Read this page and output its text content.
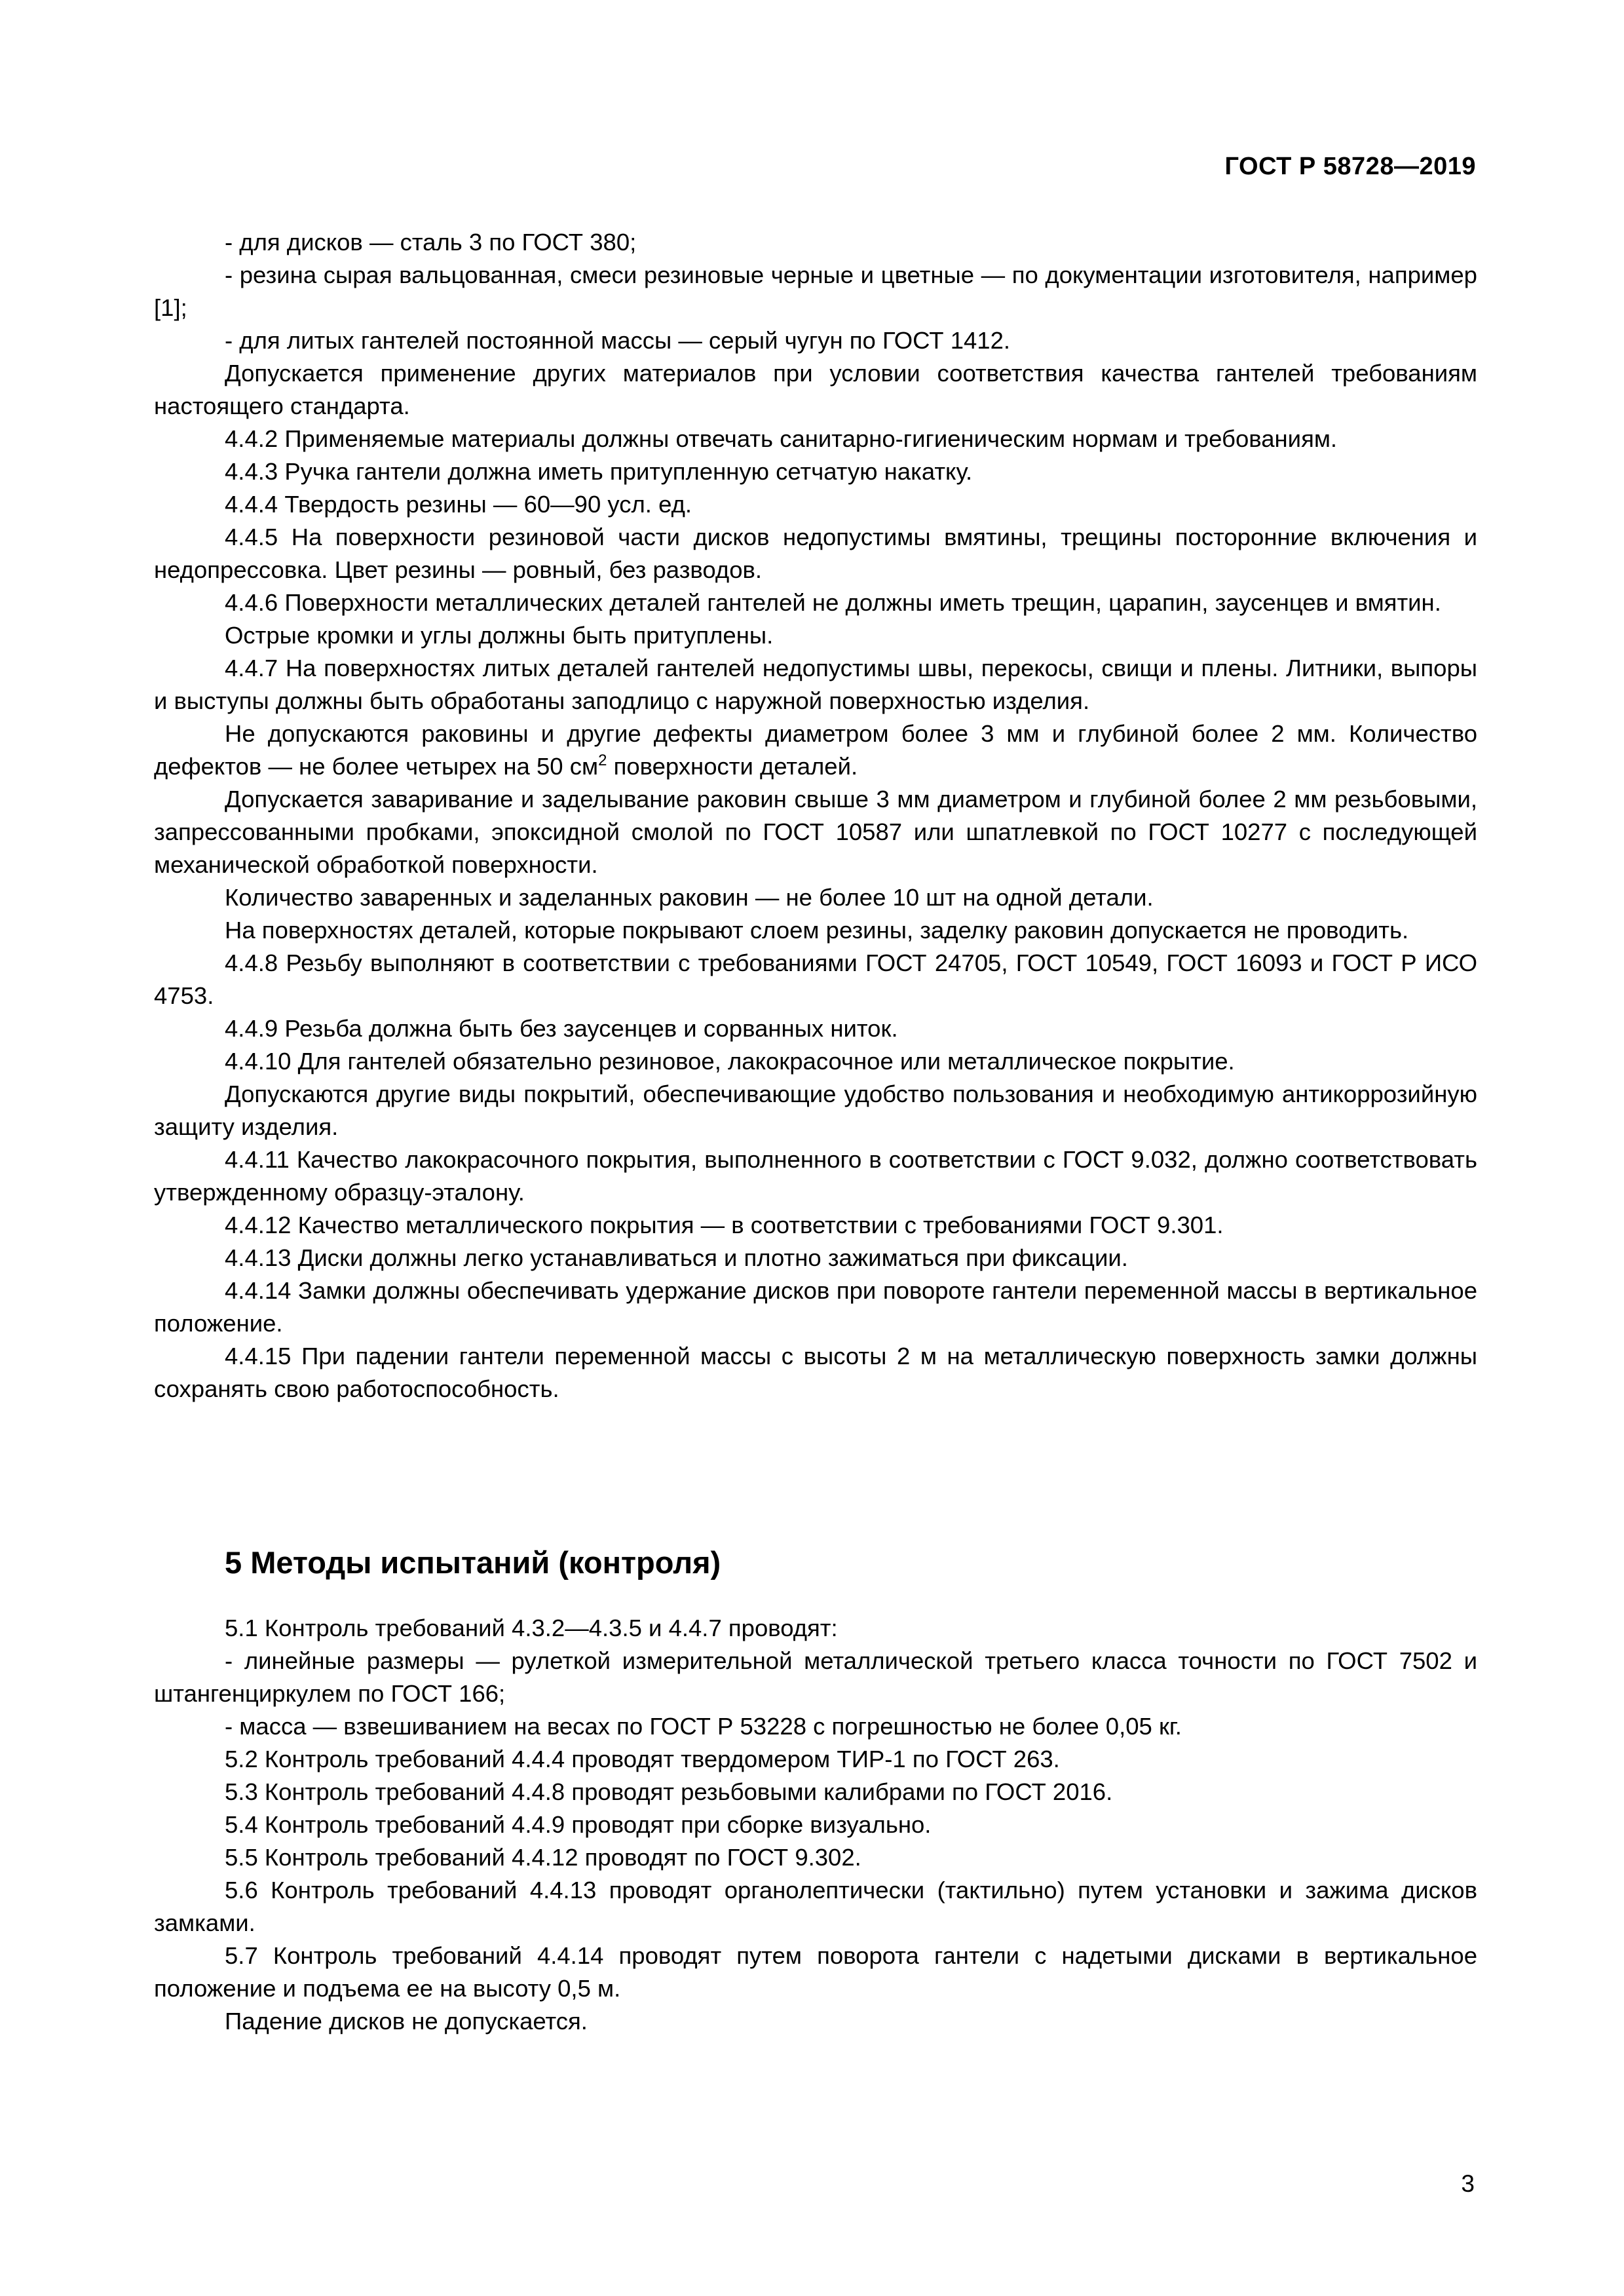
ГОСТ Р 58728—2019

- для дисков — сталь 3 по ГОСТ 380;

- резина сырая вальцованная, смеси резиновые черные и цветные — по документации изготовителя, например [1];

- для литых гантелей постоянной массы — серый чугун по ГОСТ 1412.

Допускается применение других материалов при условии соответствия качества гантелей требованиям настоящего стандарта.

4.4.2 Применяемые материалы должны отвечать санитарно-гигиеническим нормам и требованиям.

4.4.3 Ручка гантели должна иметь притупленную сетчатую накатку.

4.4.4 Твердость резины — 60—90 усл. ед.

4.4.5 На поверхности резиновой части дисков недопустимы вмятины, трещины посторонние включения и недопрессовка. Цвет резины — ровный, без разводов.

4.4.6 Поверхности металлических деталей гантелей не должны иметь трещин, царапин, заусенцев и вмятин.

Острые кромки и углы должны быть притуплены.

4.4.7 На поверхностях литых деталей гантелей недопустимы швы, перекосы, свищи и плены. Литники, выпоры и выступы должны быть обработаны заподлицо с наружной поверхностью изделия.

Не допускаются раковины и другие дефекты диаметром более 3 мм и глубиной более 2 мм. Количество дефектов — не более четырех на 50 $см^2$ поверхности деталей.

Допускается заваривание и заделывание раковин свыше 3 мм диаметром и глубиной более 2 мм резьбовыми, запрессованными пробками, эпоксидной смолой по ГОСТ 10587 или шпатлевкой по ГОСТ 10277 с последующей механической обработкой поверхности.

Количество заваренных и заделанных раковин — не более 10 шт на одной детали.

На поверхностях деталей, которые покрывают слоем резины, заделку раковин допускается не проводить.

4.4.8 Резьбу выполняют в соответствии с требованиями ГОСТ 24705, ГОСТ 10549, ГОСТ 16093 и ГОСТ Р ИСО 4753.

4.4.9 Резьба должна быть без заусенцев и сорванных ниток.

4.4.10 Для гантелей обязательно резиновое, лакокрасочное или металлическое покрытие.

Допускаются другие виды покрытий, обеспечивающие удобство пользования и необходимую антикоррозийную защиту изделия.

4.4.11 Качество лакокрасочного покрытия, выполненного в соответствии с ГОСТ 9.032, должно соответствовать утвержденному образцу-эталону.

4.4.12 Качество металлического покрытия — в соответствии с требованиями ГОСТ 9.301.

4.4.13 Диски должны легко устанавливаться и плотно зажиматься при фиксации.

4.4.14 Замки должны обеспечивать удержание дисков при повороте гантели переменной массы в вертикальное положение.

4.4.15 При падении гантели переменной массы с высоты 2 м на металлическую поверхность замки должны сохранять свою работоспособность.

5 Методы испытаний (контроля)

5.1 Контроль требований 4.3.2—4.3.5 и 4.4.7 проводят:

- линейные размеры — рулеткой измерительной металлической третьего класса точности по ГОСТ 7502 и штангенциркулем по ГОСТ 166;

- масса — взвешиванием на весах по ГОСТ Р 53228 с погрешностью не более 0,05 кг.

5.2 Контроль требований 4.4.4 проводят твердомером ТИР-1 по ГОСТ 263.

5.3 Контроль требований 4.4.8 проводят резьбовыми калибрами по ГОСТ 2016.

5.4 Контроль требований 4.4.9 проводят при сборке визуально.

5.5 Контроль требований 4.4.12 проводят по ГОСТ 9.302.

5.6 Контроль требований 4.4.13 проводят органолептически (тактильно) путем установки и зажима дисков замками.

5.7 Контроль требований 4.4.14 проводят путем поворота гантели с надетыми дисками в вертикальное положение и подъема ее на высоту 0,5 м.

Падение дисков не допускается.

3
